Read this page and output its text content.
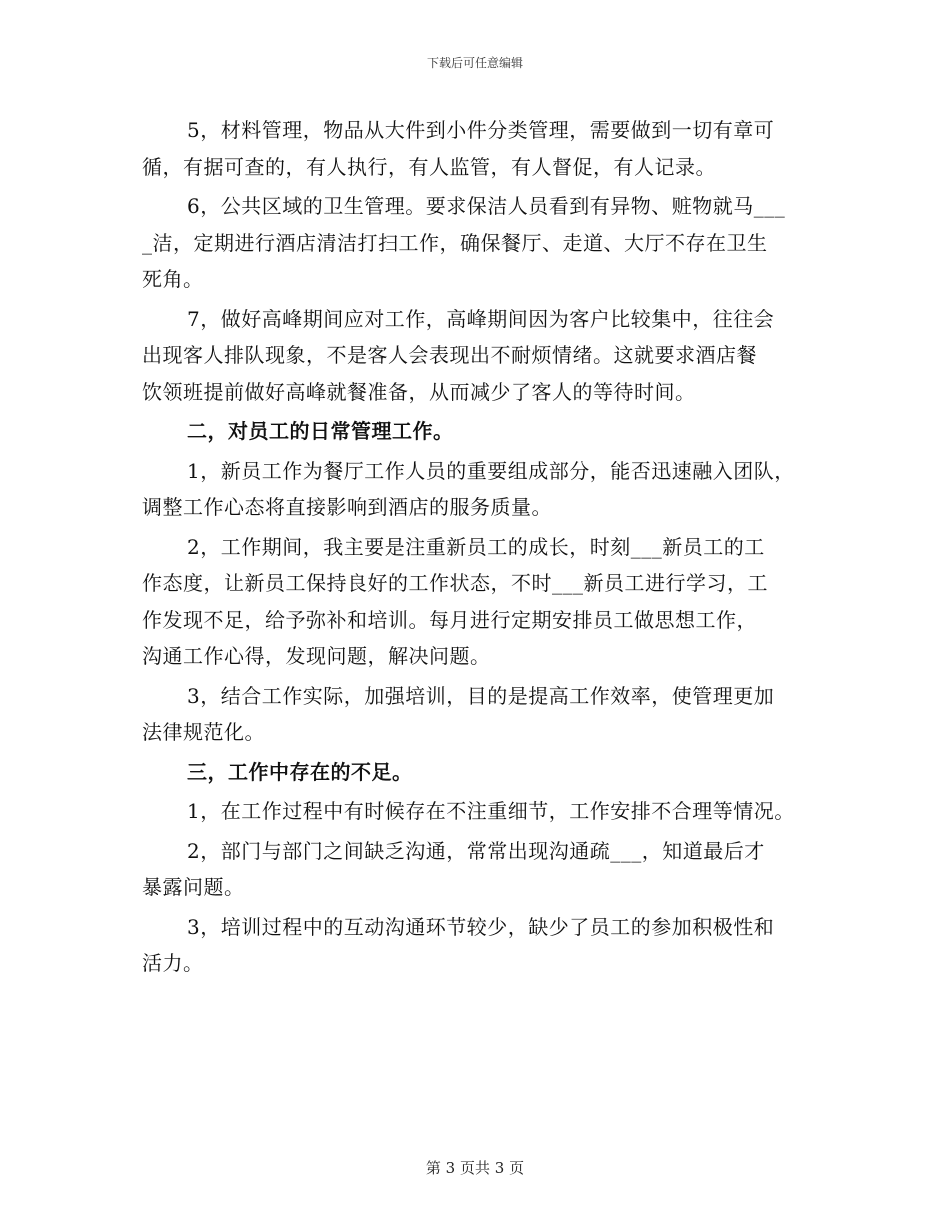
下载后可任意编辑
5，材料管理，物品从大件到小件分类管理，需要做到一切有章可
循，有据可查的，有人执行，有人监管，有人督促，有人记录。
6，公共区域的卫生管理。要求保洁人员看到有异物、赃物就马___
_洁，定期进行酒店清洁打扫工作，确保餐厅、走道、大厅不存在卫生
死角。
7，做好高峰期间应对工作，高峰期间因为客户比较集中，往往会
出现客人排队现象，不是客人会表现出不耐烦情绪。这就要求酒店餐
饮领班提前做好高峰就餐准备，从而减少了客人的等待时间。
二，对员工的日常管理工作。
1，新员工作为餐厅工作人员的重要组成部分，能否迅速融入团队，
调整工作心态将直接影响到酒店的服务质量。
2，工作期间，我主要是注重新员工的成长，时刻___新员工的工
作态度，让新员工保持良好的工作状态，不时___新员工进行学习，工
作发现不足，给予弥补和培训。每月进行定期安排员工做思想工作，
沟通工作心得，发现问题，解决问题。
3，结合工作实际，加强培训，目的是提高工作效率，使管理更加
法律规范化。
三，工作中存在的不足。
1，在工作过程中有时候存在不注重细节，工作安排不合理等情况。
2，部门与部门之间缺乏沟通，常常出现沟通疏___，知道最后才
暴露问题。
3，培训过程中的互动沟通环节较少，缺少了员工的参加积极性和
活力。
第 3 页共 3 页
